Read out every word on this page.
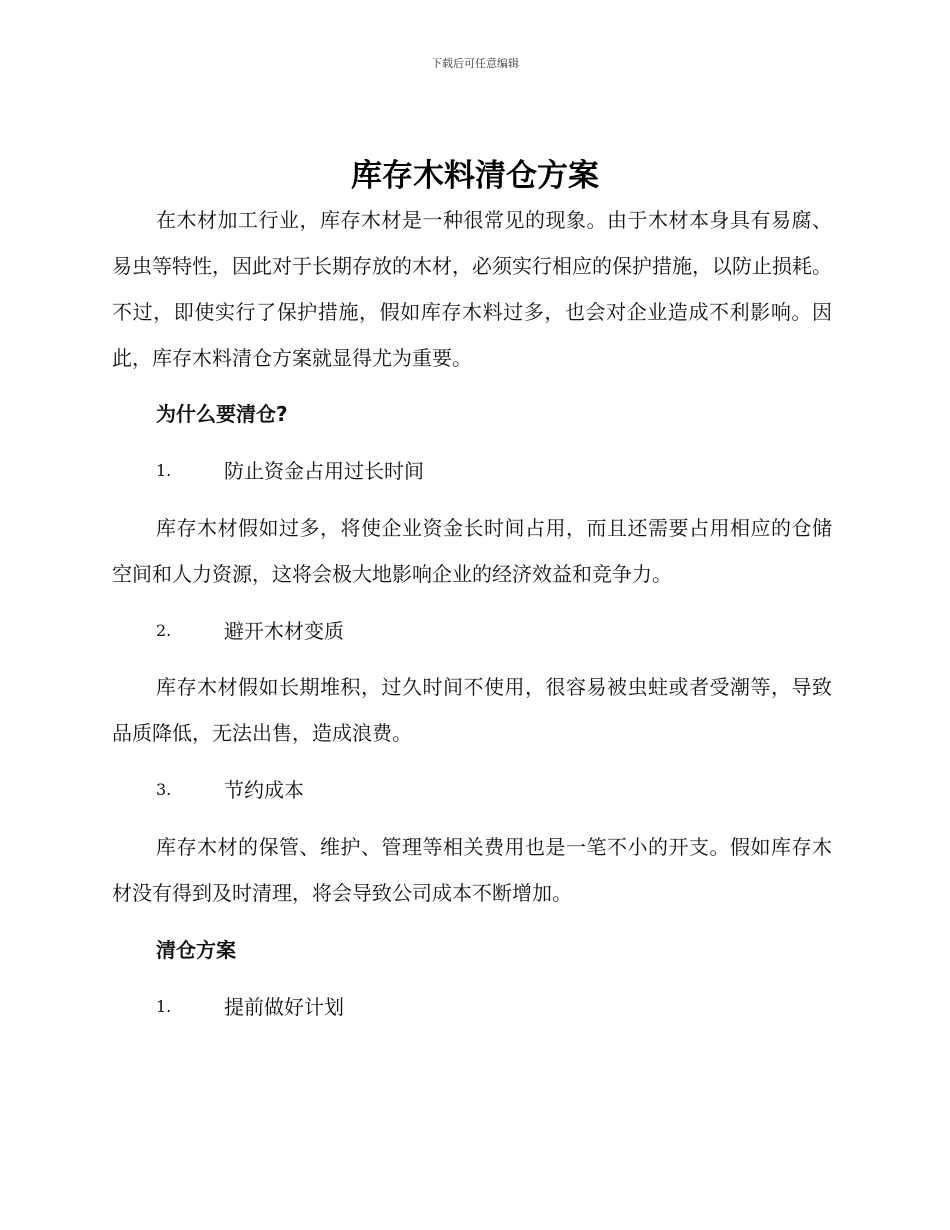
下载后可任意编辑
库存木料清仓方案

在木材加工行业，库存木材是一种很常见的现象。由于木材本身具有易腐、易虫等特性，因此对于长期存放的木材，必须实行相应的保护措施，以防止损耗。不过，即使实行了保护措施，假如库存木料过多，也会对企业造成不利影响。因此，库存木料清仓方案就显得尤为重要。

为什么要清仓?
1.	防止资金占用过长时间

库存木材假如过多，将使企业资金长时间占用，而且还需要占用相应的仓储空间和人力资源，这将会极大地影响企业的经济效益和竞争力。

2.	避开木材变质

库存木材假如长期堆积，过久时间不使用，很容易被虫蛀或者受潮等，导致品质降低，无法出售，造成浪费。

3.	节约成本

库存木材的保管、维护、管理等相关费用也是一笔不小的开支。假如库存木材没有得到及时清理，将会导致公司成本不断增加。

清仓方案
1.	提前做好计划
